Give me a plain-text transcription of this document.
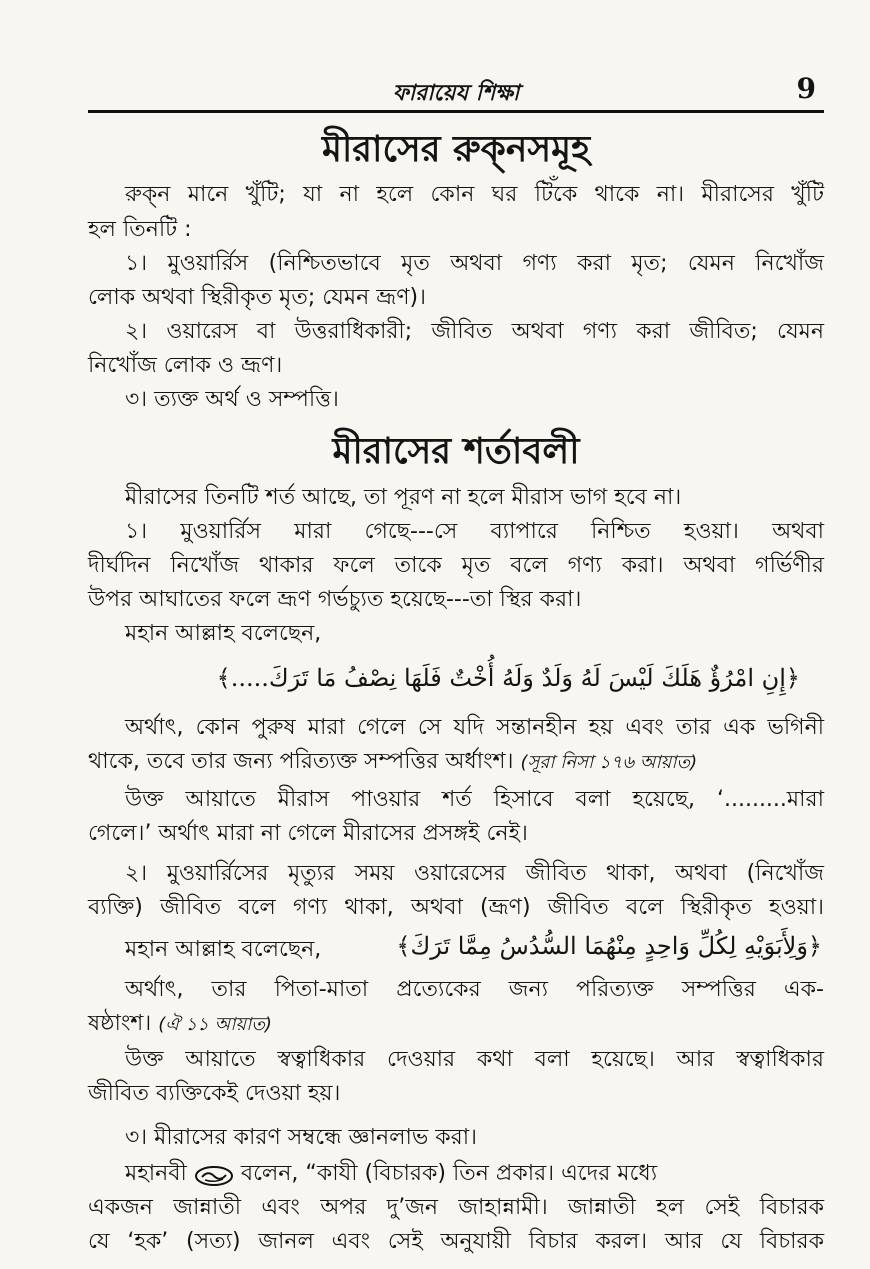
ফারায়েয শিক্ষা	9
মীরাসের রুক্‌নসমূহ
রুক্‌ন মানে খুঁটি; যা না হলে কোন ঘর টিঁকে থাকে না। মীরাসের খুঁটি
হল তিনটি :
১। মুওয়ার্রিস (নিশ্চিতভাবে মৃত অথবা গণ্য করা মৃত; যেমন নিখোঁজ
লোক অথবা স্থিরীকৃত মৃত; যেমন ভ্রূণ)।
২। ওয়ারেস বা উত্তরাধিকারী; জীবিত অথবা গণ্য করা জীবিত; যেমন
নিখোঁজ লোক ও ভ্রূণ।
৩। ত্যক্ত অর্থ ও সম্পত্তি।
মীরাসের শর্তাবলী
মীরাসের তিনটি শর্ত আছে, তা পূরণ না হলে মীরাস ভাগ হবে না।
১। মুওয়ার্রিস মারা গেছে---সে ব্যাপারে নিশ্চিত হওয়া। অথবা
দীর্ঘদিন নিখোঁজ থাকার ফলে তাকে মৃত বলে গণ্য করা। অথবা গর্ভিণীর
উপর আঘাতের ফলে ভ্রূণ গর্ভচ্যুত হয়েছে---তা স্থির করা।
মহান আল্লাহ বলেছেন,
﴿إِنِ امْرُؤٌ هَلَكَ لَيْسَ لَهُ وَلَدٌ وَلَهُ أُخْتٌ فَلَهَا نِصْفُ مَا تَرَكَ.....﴾
অর্থাৎ, কোন পুরুষ মারা গেলে সে যদি সন্তানহীন হয় এবং তার এক ভগিনী
থাকে, তবে তার জন্য পরিত্যক্ত সম্পত্তির অর্ধাংশ। (সূরা নিসা ১৭৬ আয়াত)
উক্ত আয়াতে মীরাস পাওয়ার শর্ত হিসাবে বলা হয়েছে, ‘.........মারা
গেলে।’ অর্থাৎ মারা না গেলে মীরাসের প্রসঙ্গই নেই।
২। মুওয়ার্রিসের মৃত্যুর সময় ওয়ারেসের জীবিত থাকা, অথবা (নিখোঁজ
ব্যক্তি) জীবিত বলে গণ্য থাকা, অথবা (ভ্রূণ) জীবিত বলে স্থিরীকৃত হওয়া।
মহান আল্লাহ বলেছেন,	﴿وَلِأَبَوَيْهِ لِكُلِّ وَاحِدٍ مِنْهُمَا السُّدُسُ مِمَّا تَرَكَ﴾
অর্থাৎ, তার পিতা-মাতা প্রত্যেকের জন্য পরিত্যক্ত সম্পত্তির এক-
ষষ্ঠাংশ। (ঐ ১১ আয়াত)
উক্ত আয়াতে স্বত্বাধিকার দেওয়ার কথা বলা হয়েছে। আর স্বত্বাধিকার
জীবিত ব্যক্তিকেই দেওয়া হয়।
৩। মীরাসের কারণ সম্বন্ধে জ্ঞানলাভ করা।
মহানবী বলেন, “কাযী (বিচারক) তিন প্রকার। এদের মধ্যে
একজন জান্নাতী এবং অপর দু’জন জাহান্নামী। জান্নাতী হল সেই বিচারক
যে ‘হক’ (সত্য) জানল এবং সেই অনুযায়ী বিচার করল। আর যে বিচারক
